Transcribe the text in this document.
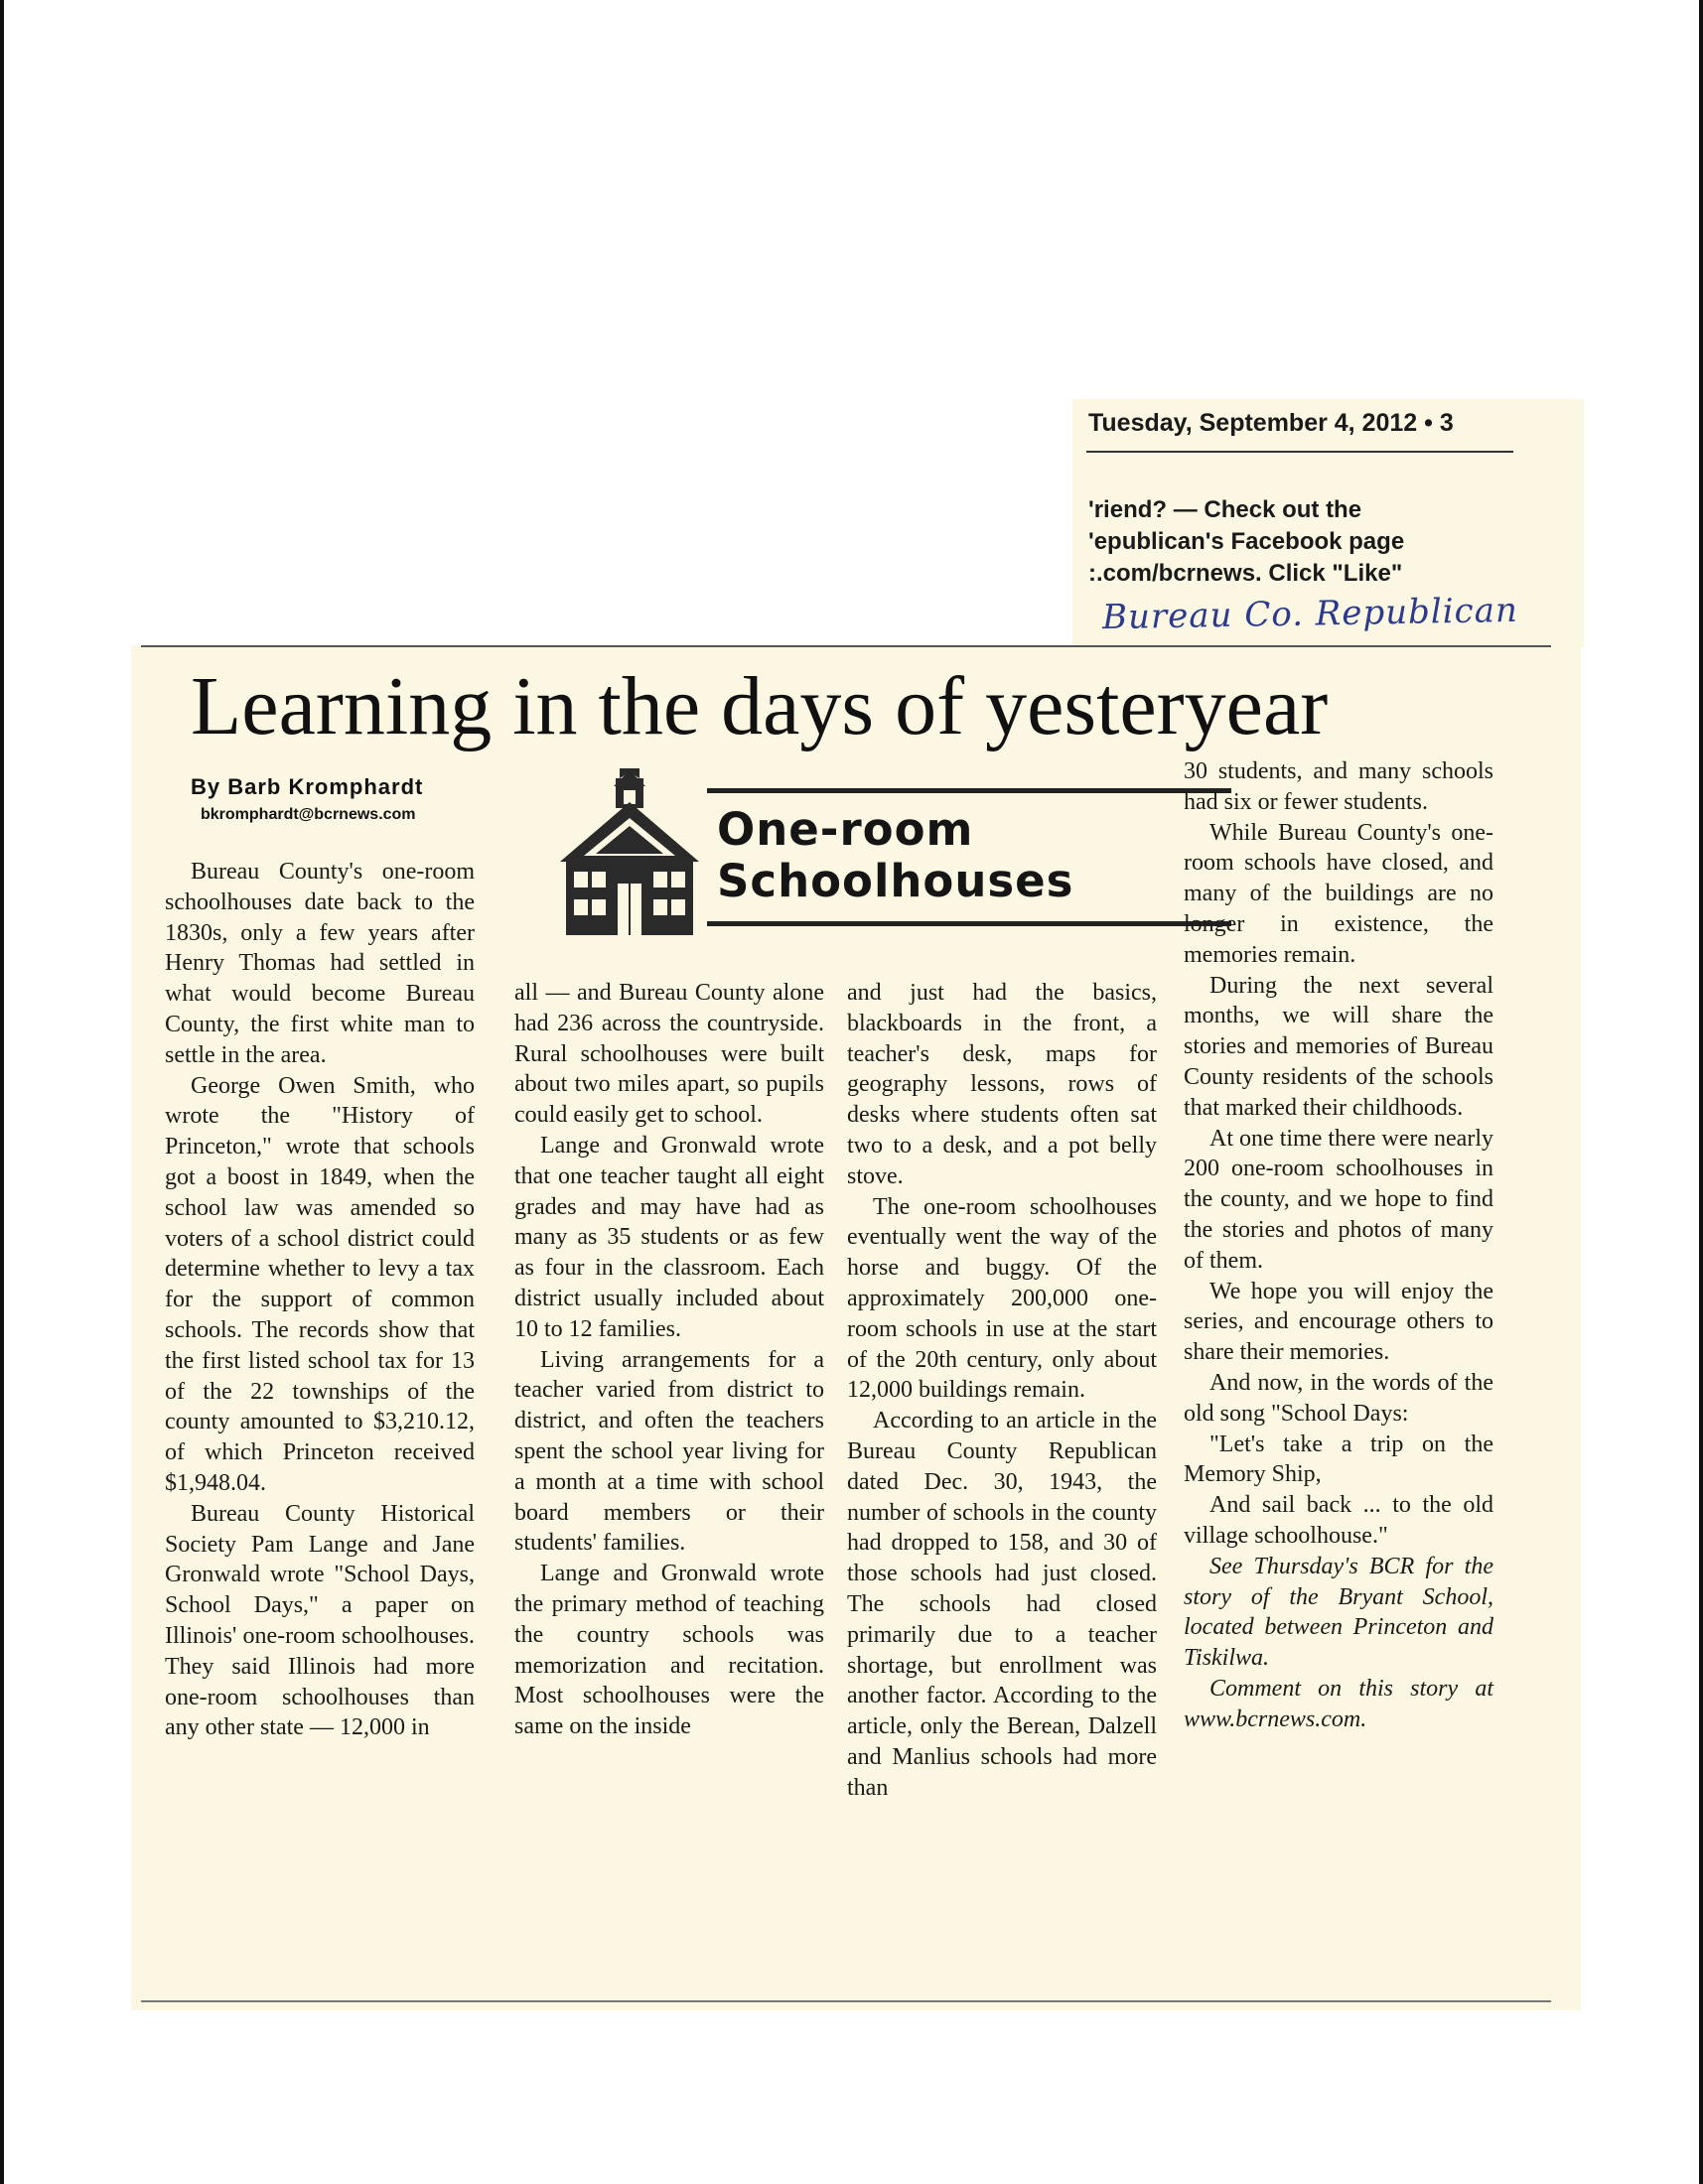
Tuesday, September 4, 2012 • 3
'riend? — Check out the
'epublican's Facebook page
:.com/bcrnews. Click "Like"
Bureau Co. Republican
Learning in the days of yesteryear
By Barb Kromphardt
bkromphardt@bcrnews.com	One-room
Schoolhouses

Bureau County's one-room schoolhouses date back to the 1830s, only a few years after Henry Thomas had settled in what would become Bureau County, the first white man to settle in the area.

George Owen Smith, who wrote the "History of Princeton," wrote that schools got a boost in 1849, when the school law was amended so voters of a school district could determine whether to levy a tax for the support of common schools. The records show that the first listed school tax for 13 of the 22 townships of the county amounted to $3,210.12, of which Princeton received $1,948.04.

Bureau County Historical Society Pam Lange and Jane Gronwald wrote "School Days, School Days," a paper on Illinois' one-room schoolhouses. They said Illinois had more one-room schoolhouses than any other state — 12,000 in

all — and Bureau County alone had 236 across the countryside. Rural schoolhouses were built about two miles apart, so pupils could easily get to school.

Lange and Gronwald wrote that one teacher taught all eight grades and may have had as many as 35 students or as few as four in the classroom. Each district usually included about 10 to 12 families.

Living arrangements for a teacher varied from district to district, and often the teachers spent the school year living for a month at a time with school board members or their students' families.

Lange and Gronwald wrote the primary method of teaching the country schools was memorization and recitation. Most schoolhouses were the same on the inside

and just had the basics, blackboards in the front, a teacher's desk, maps for geography lessons, rows of desks where students often sat two to a desk, and a pot belly stove.

The one-room schoolhouses eventually went the way of the horse and buggy. Of the approximately 200,000 one-room schools in use at the start of the 20th century, only about 12,000 buildings remain.

According to an article in the Bureau County Republican dated Dec. 30, 1943, the number of schools in the county had dropped to 158, and 30 of those schools had just closed. The schools had closed primarily due to a teacher shortage, but enrollment was another factor. According to the article, only the Berean, Dalzell and Manlius schools had more than

30 students, and many schools had six or fewer students.

While Bureau County's one-room schools have closed, and many of the buildings are no longer in existence, the memories remain.

During the next several months, we will share the stories and memories of Bureau County residents of the schools that marked their childhoods.

At one time there were nearly 200 one-room schoolhouses in the county, and we hope to find the stories and photos of many of them.

We hope you will enjoy the series, and encourage others to share their memories.

And now, in the words of the old song "School Days:

"Let's take a trip on the Memory Ship,

And sail back ... to the old village schoolhouse."

See Thursday's BCR for the story of the Bryant School, located between Princeton and Tiskilwa.

Comment on this story at www.bcrnews.com.
